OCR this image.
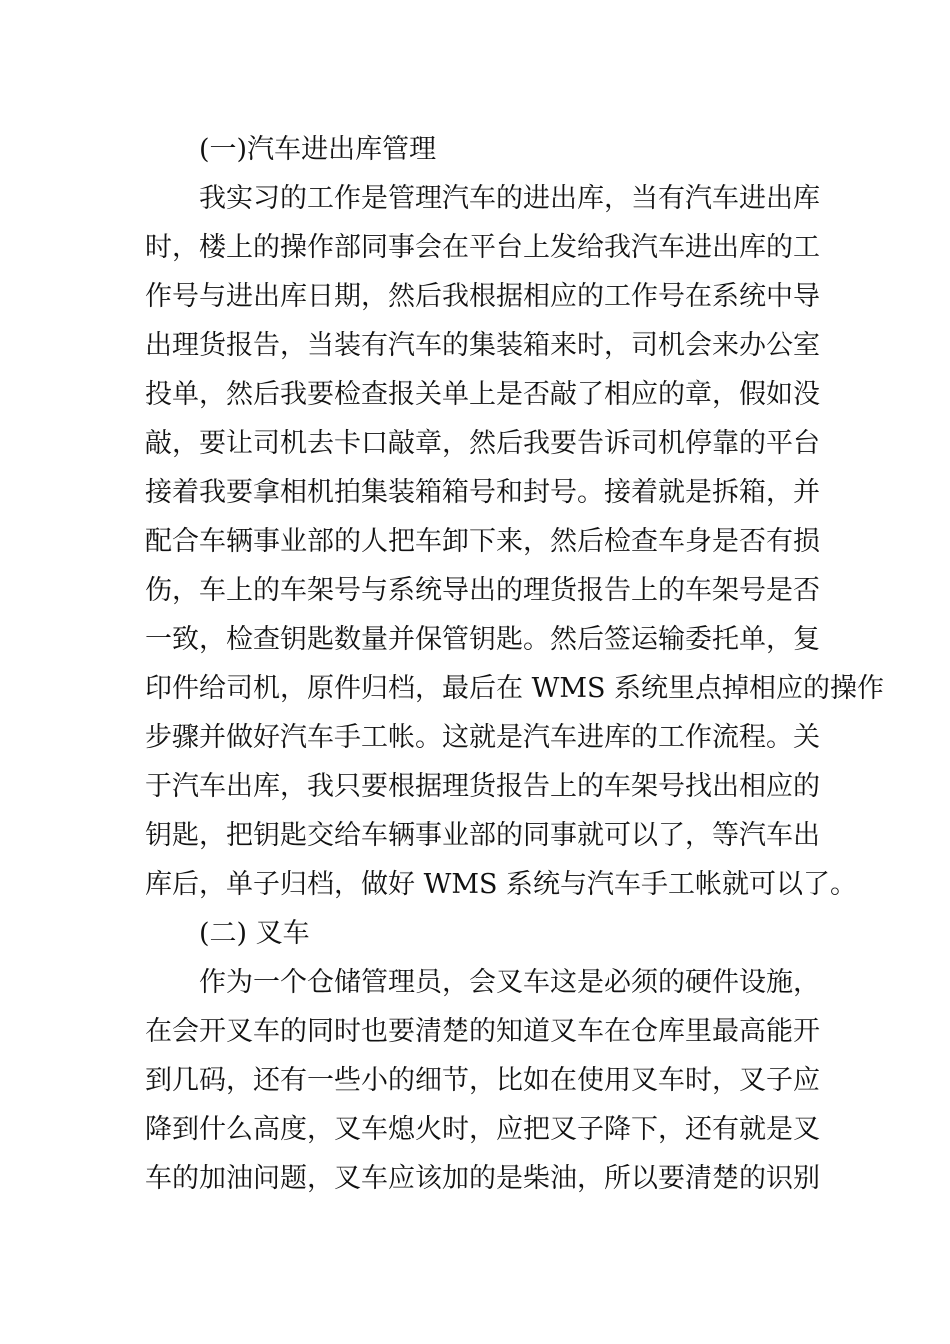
(一)汽车进出库管理
我实习的工作是管理汽车的进出库，当有汽车进出库
时，楼上的操作部同事会在平台上发给我汽车进出库的工
作号与进出库日期，然后我根据相应的工作号在系统中导
出理货报告，当装有汽车的集装箱来时，司机会来办公室
投单，然后我要检查报关单上是否敲了相应的章，假如没
敲，要让司机去卡口敲章，然后我要告诉司机停靠的平台
接着我要拿相机拍集装箱箱号和封号。接着就是拆箱，并
配合车辆事业部的人把车卸下来，然后检查车身是否有损
伤，车上的车架号与系统导出的理货报告上的车架号是否
一致，检查钥匙数量并保管钥匙。然后签运输委托单，复
印件给司机，原件归档，最后在 WMS 系统里点掉相应的操作
步骤并做好汽车手工帐。这就是汽车进库的工作流程。关
于汽车出库，我只要根据理货报告上的车架号找出相应的
钥匙，把钥匙交给车辆事业部的同事就可以了，等汽车出
库后，单子归档，做好 WMS 系统与汽车手工帐就可以了。
(二) 叉车
作为一个仓储管理员，会叉车这是必须的硬件设施，
在会开叉车的同时也要清楚的知道叉车在仓库里最高能开
到几码，还有一些小的细节，比如在使用叉车时，叉子应
降到什么高度，叉车熄火时，应把叉子降下，还有就是叉
车的加油问题，叉车应该加的是柴油，所以要清楚的识别
